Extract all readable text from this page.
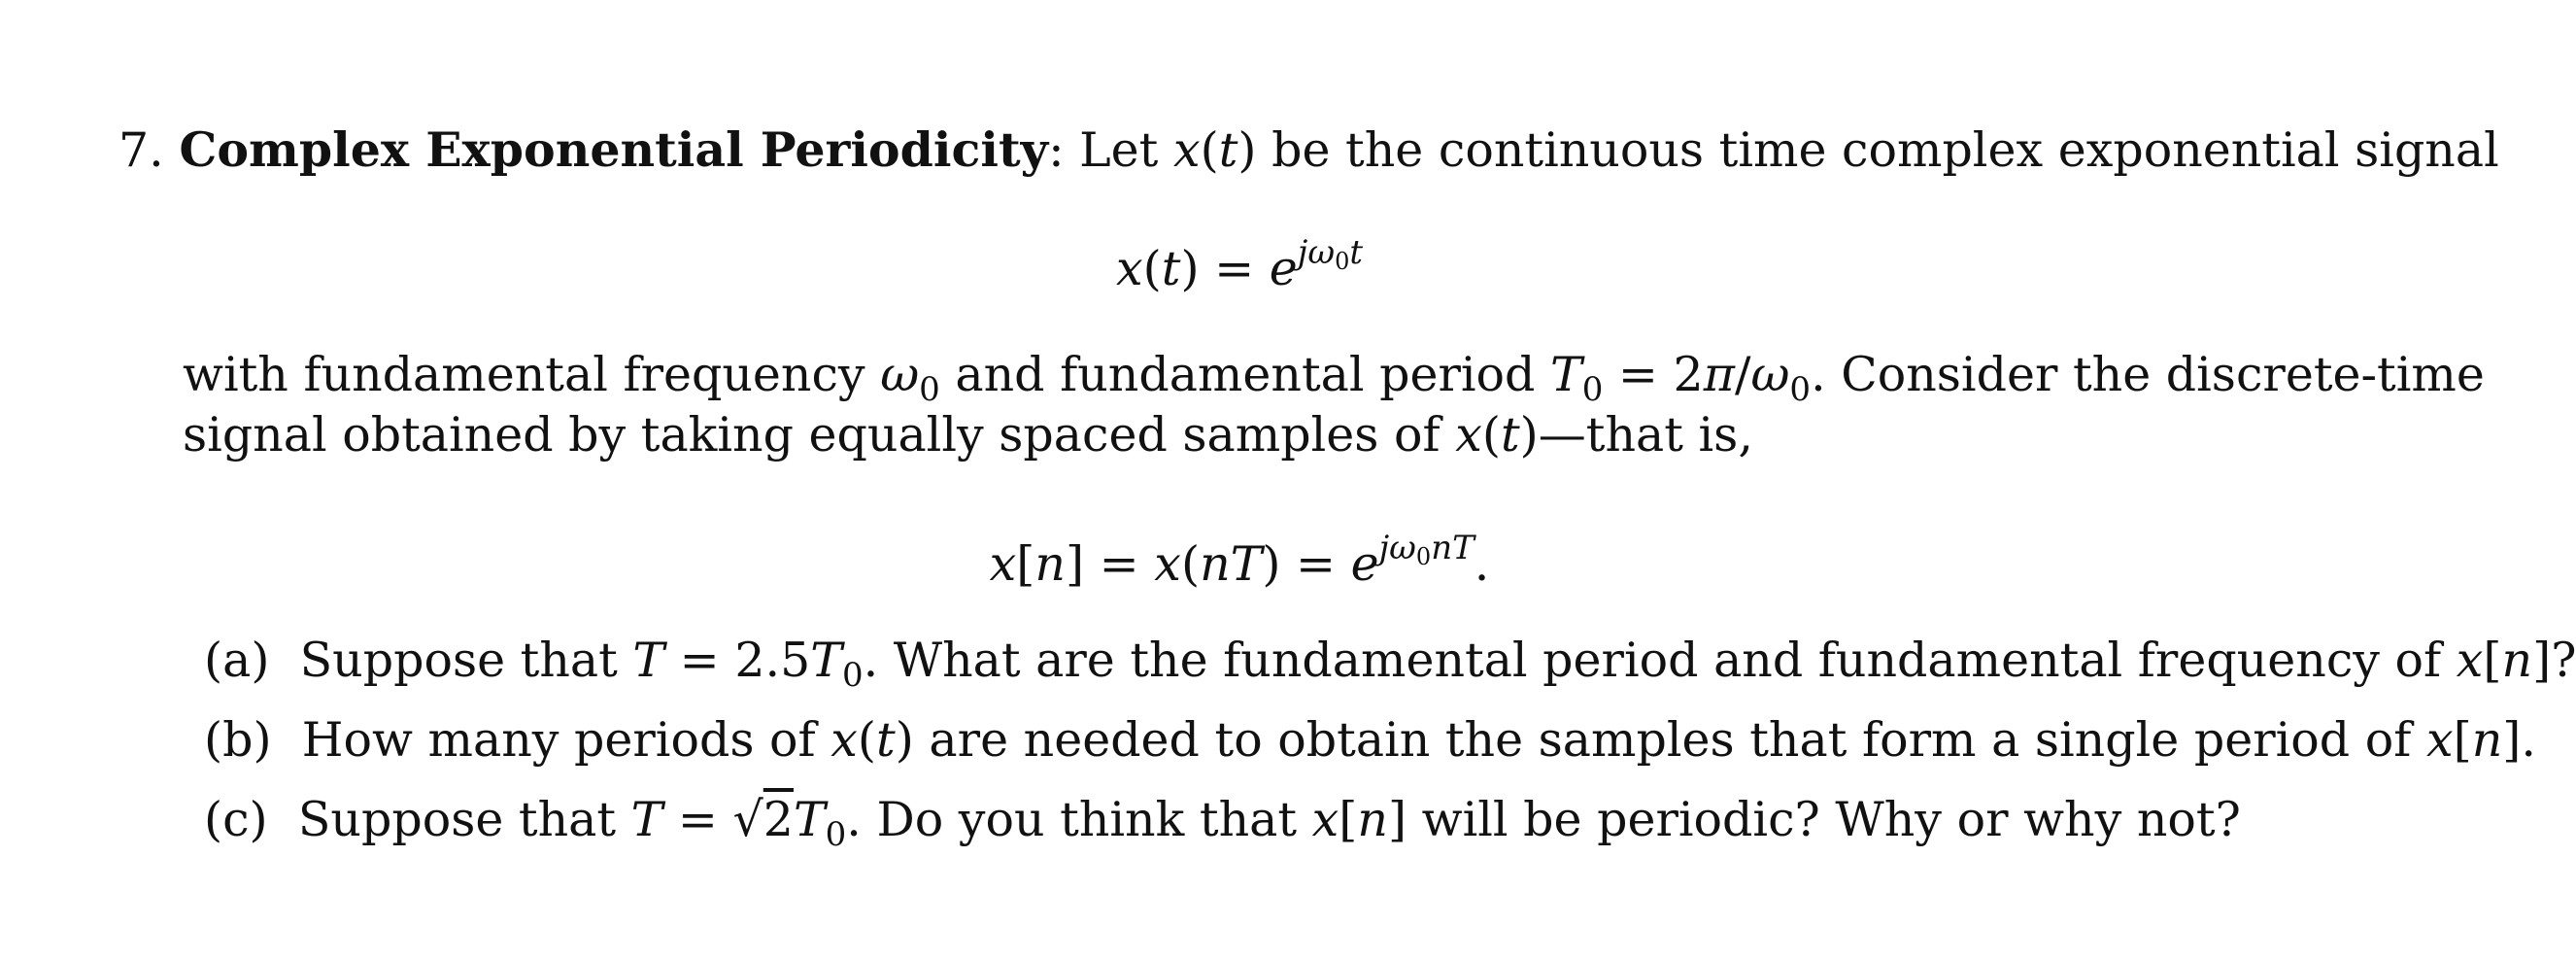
7. Complex Exponential Periodicity: Let x(t) be the continuous time complex exponential signal
$x(t) = e^{j\omega 0t}$
with fundamental frequency $\omega_0$ and fundamental period $T_0 = 2\pi/\omega_0$. Consider the discrete-time
signal obtained by taking equally spaced samples of x(t)—that is,
$x[n] = x(nT) = e^{j\omega 0nT}$.
(a)  Suppose that $T = 2.5T_0$. What are the fundamental period and fundamental frequency of x[n]?
(b)  How many periods of x(t) are needed to obtain the samples that form a single period of x[n].
(c)  Suppose that $T = √2T_0$. Do you think that x[n] will be periodic? Why or why not?
